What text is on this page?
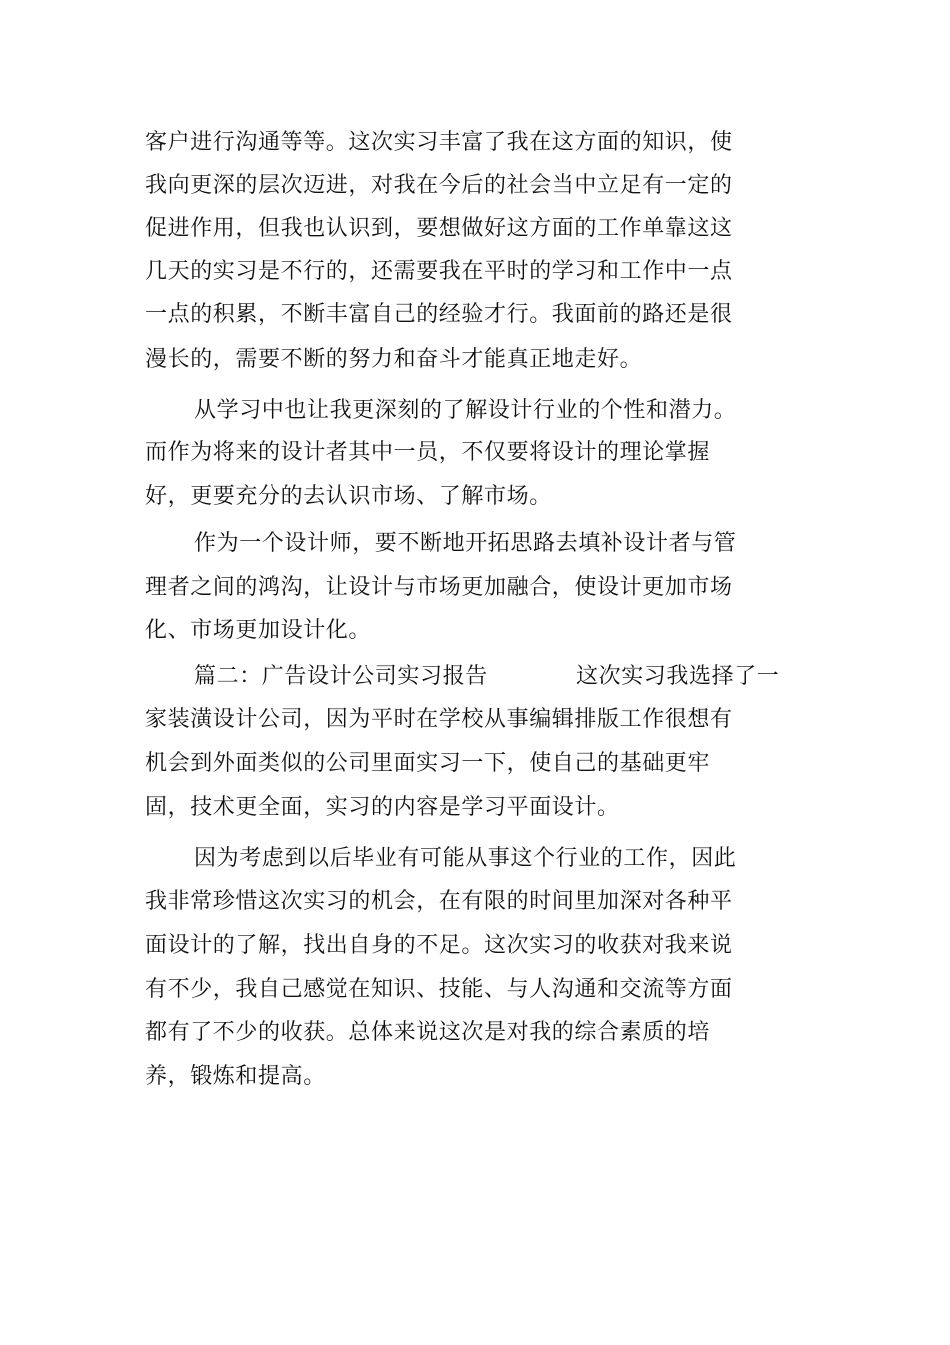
客户进行沟通等等。这次实习丰富了我在这方面的知识，使
我向更深的层次迈进，对我在今后的社会当中立足有一定的
促进作用，但我也认识到，要想做好这方面的工作单靠这这
几天的实习是不行的，还需要我在平时的学习和工作中一点
一点的积累，不断丰富自己的经验才行。我面前的路还是很
漫长的，需要不断的努力和奋斗才能真正地走好。
从学习中也让我更深刻的了解设计行业的个性和潜力。
而作为将来的设计者其中一员，不仅要将设计的理论掌握
好，更要充分的去认识市场、了解市场。
作为一个设计师，要不断地开拓思路去填补设计者与管
理者之间的鸿沟，让设计与市场更加融合，使设计更加市场
化、市场更加设计化。
篇二：广告设计公司实习报告	这次实习我选择了一
家装潢设计公司，因为平时在学校从事编辑排版工作很想有
机会到外面类似的公司里面实习一下，使自己的基础更牢
固，技术更全面，实习的内容是学习平面设计。
因为考虑到以后毕业有可能从事这个行业的工作，因此
我非常珍惜这次实习的机会，在有限的时间里加深对各种平
面设计的了解，找出自身的不足。这次实习的收获对我来说
有不少，我自己感觉在知识、技能、与人沟通和交流等方面
都有了不少的收获。总体来说这次是对我的综合素质的培
养，锻炼和提高。
